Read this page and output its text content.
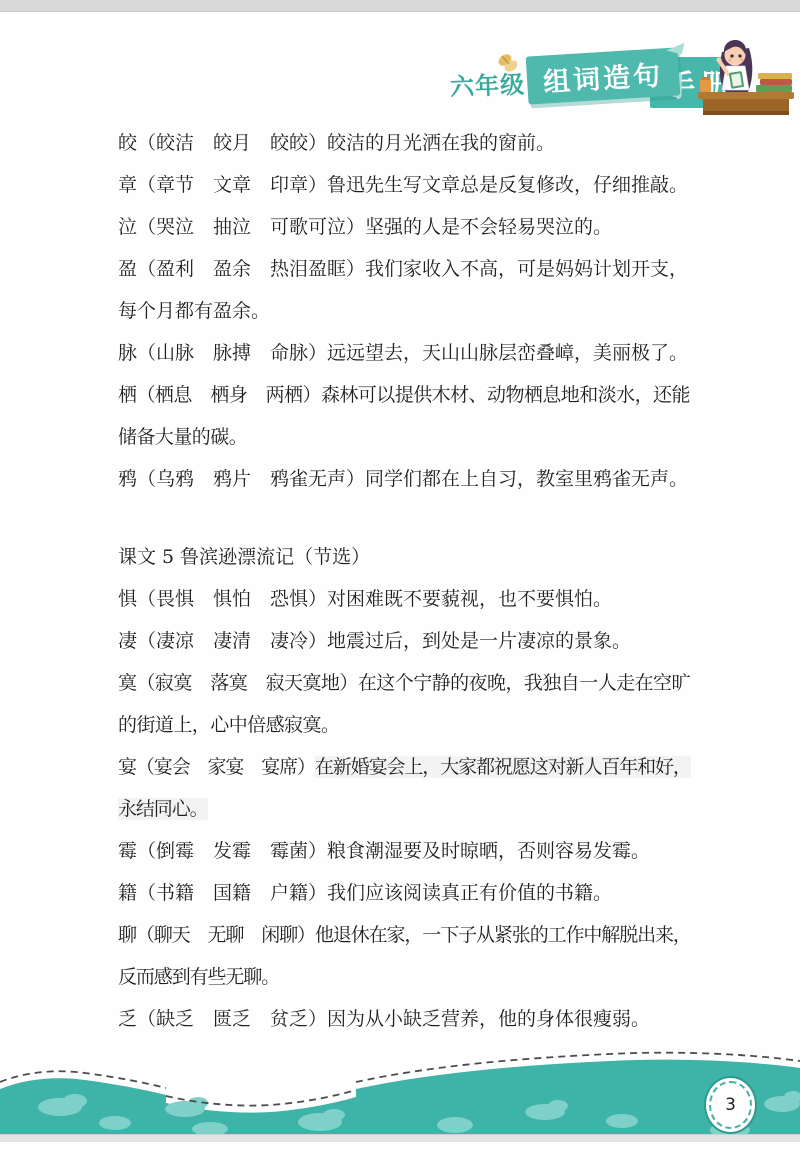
六年级 组词造句

皎（皎洁　皎月　皎皎）皎洁的月光洒在我的窗前。

章（章节　文章　印章）鲁迅先生写文章总是反复修改，仔细推敲。

泣（哭泣　抽泣　可歌可泣）坚强的人是不会轻易哭泣的。

盈（盈利　盈余　热泪盈眶）我们家收入不高，可是妈妈计划开支，每个月都有盈余。

脉（山脉　脉搏　命脉）远远望去，天山山脉层峦叠嶂，美丽极了。

栖（栖息　栖身　两栖）森林可以提供木材、动物栖息地和淡水，还能储备大量的碳。

鸦（乌鸦　鸦片　鸦雀无声）同学们都在上自习，教室里鸦雀无声。

课文 5 鲁滨逊漂流记（节选）

惧（畏惧　惧怕　恐惧）对困难既不要藐视，也不要惧怕。

凄（凄凉　凄清　凄冷）地震过后，到处是一片凄凉的景象。

寞（寂寞　落寞　寂天寞地）在这个宁静的夜晚，我独自一人走在空旷的街道上，心中倍感寂寞。

宴（宴会　家宴　宴席）在新婚宴会上，大家都祝愿这对新人百年和好，永结同心。

霉（倒霉　发霉　霉菌）粮食潮湿要及时晾晒，否则容易发霉。

籍（书籍　国籍　户籍）我们应该阅读真正有价值的书籍。

聊（聊天　无聊　闲聊）他退休在家，一下子从紧张的工作中解脱出来，反而感到有些无聊。

乏（缺乏　匮乏　贫乏）因为从小缺乏营养，他的身体很瘦弱。

3
